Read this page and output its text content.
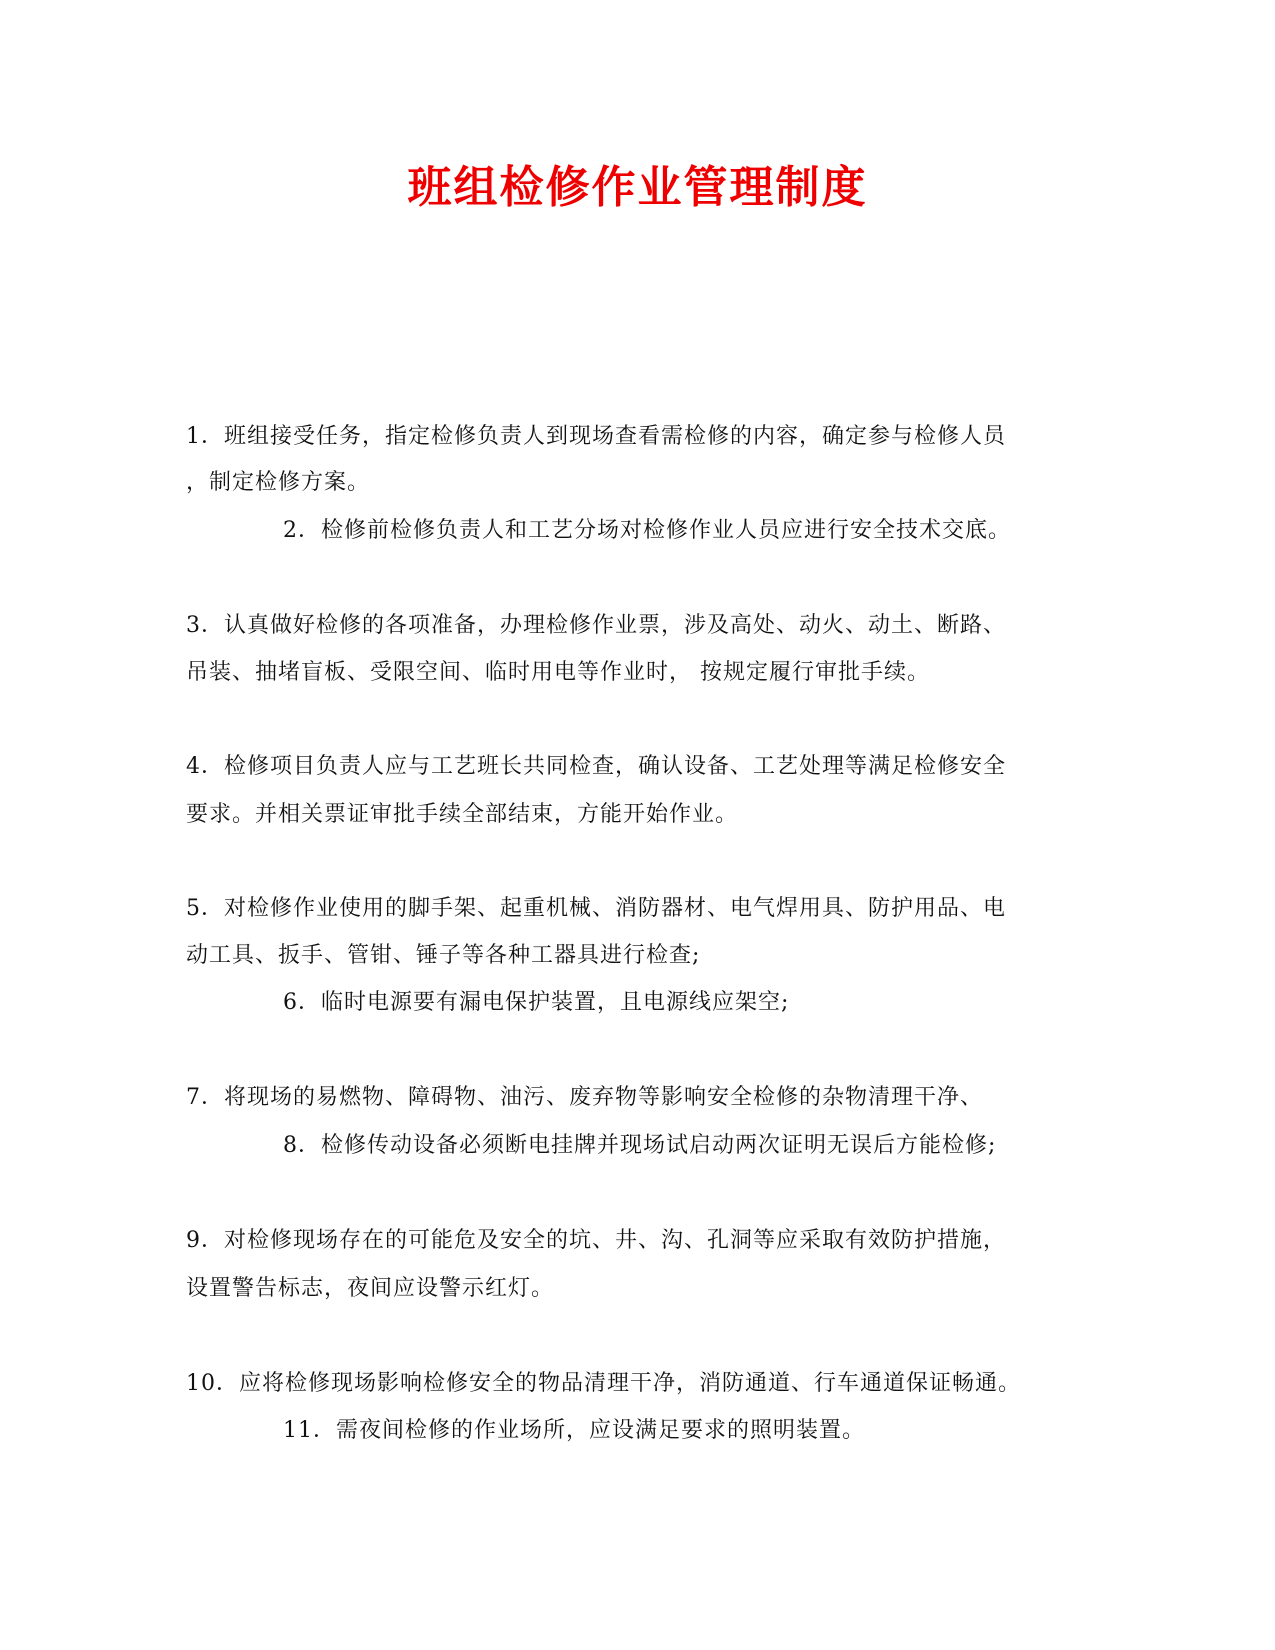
班组检修作业管理制度
1．班组接受任务，指定检修负责人到现场查看需检修的内容，确定参与检修人员
，制定检修方案。
2．检修前检修负责人和工艺分场对检修作业人员应进行安全技术交底。
3．认真做好检修的各项准备，办理检修作业票，涉及高处、动火、动土、断路、
吊装、抽堵盲板、受限空间、临时用电等作业时， 按规定履行审批手续。
4．检修项目负责人应与工艺班长共同检查，确认设备、工艺处理等满足检修安全
要求。并相关票证审批手续全部结束，方能开始作业。
5．对检修作业使用的脚手架、起重机械、消防器材、电气焊用具、防护用品、电
动工具、扳手、管钳、锤子等各种工器具进行检查;
6．临时电源要有漏电保护装置，且电源线应架空;
7．将现场的易燃物、障碍物、油污、废弃物等影响安全检修的杂物清理干净、
8．检修传动设备必须断电挂牌并现场试启动两次证明无误后方能检修;
9．对检修现场存在的可能危及安全的坑、井、沟、孔洞等应采取有效防护措施，
设置警告标志，夜间应设警示红灯。
10．应将检修现场影响检修安全的物品清理干净，消防通道、行车通道保证畅通。
11．需夜间检修的作业场所，应设满足要求的照明装置。
